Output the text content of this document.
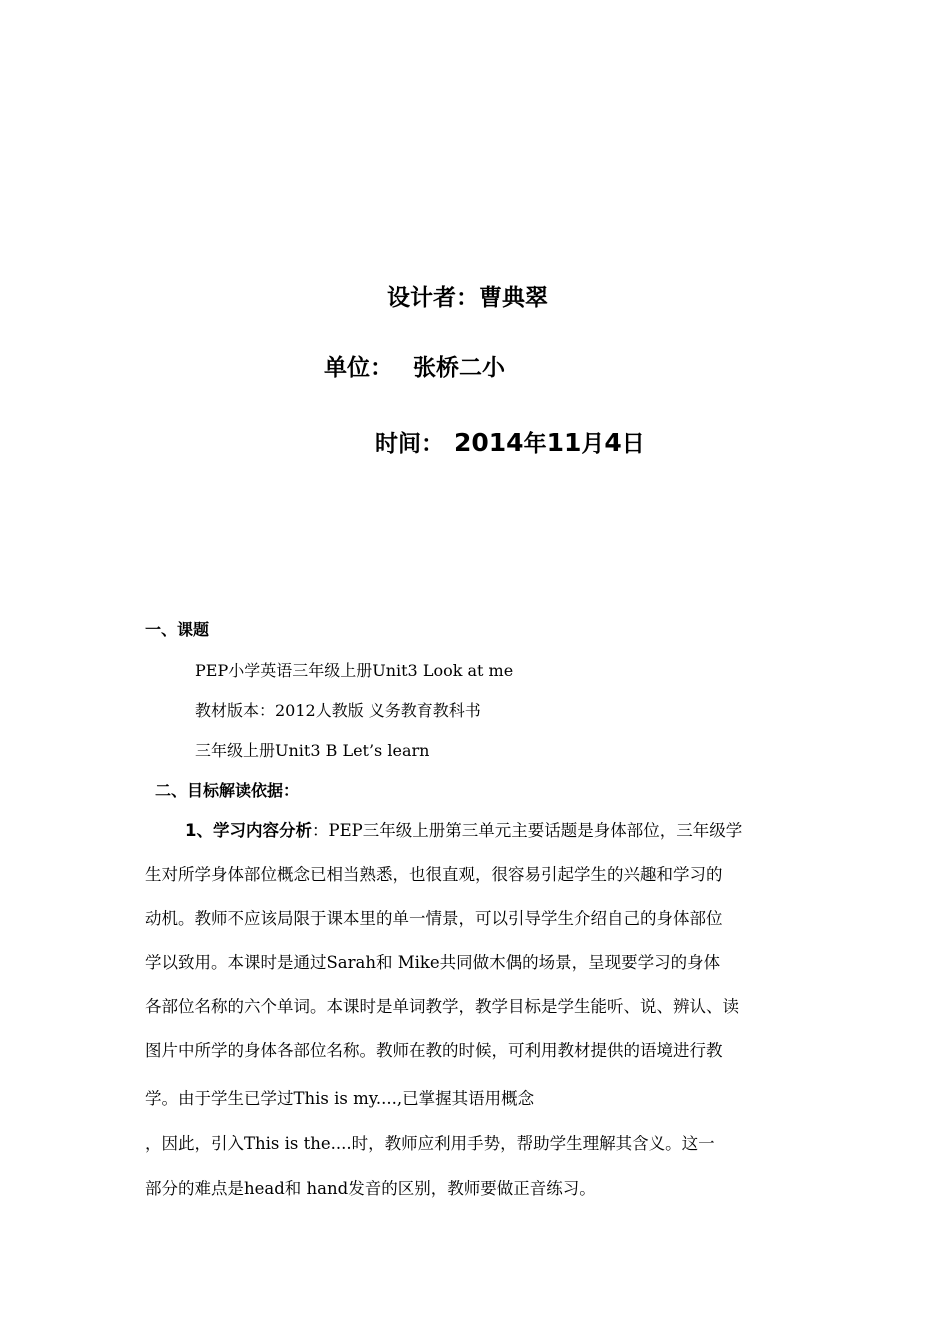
设计者：曹典翠
单位： 张桥二小
时间： 2014年11月4日
一、课题
PEP小学英语三年级上册Unit3 Look at me
教材版本：2012人教版 义务教育教科书
三年级上册Unit3 B Let’s learn
二、目标解读依据：
1、学习内容分析：PEP三年级上册第三单元主要话题是身体部位，三年级学
生对所学身体部位概念已相当熟悉，也很直观，很容易引起学生的兴趣和学习的
动机。教师不应该局限于课本里的单一情景，可以引导学生介绍自己的身体部位
学以致用。本课时是通过Sarah和 Mike共同做木偶的场景，呈现要学习的身体
各部位名称的六个单词。本课时是单词教学，教学目标是学生能听、说、辨认、读
图片中所学的身体各部位名称。教师在教的时候，可利用教材提供的语境进行教
学。由于学生已学过This is my....,已掌握其语用概念
，因此，引入This is the....时，教师应利用手势，帮助学生理解其含义。这一
部分的难点是head和 hand发音的区别，教师要做正音练习。
